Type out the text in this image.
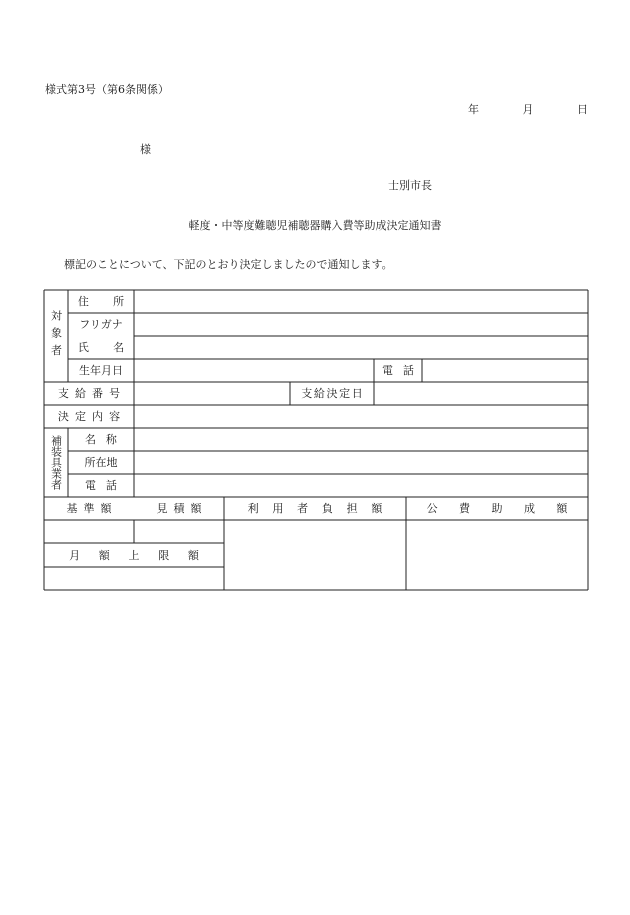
様式第3号（第6条関係）
年	月	日
様
士別市長
軽度・中等度難聴児補聴器購入費等助成決定通知書
標記のことについて、下記のとおり決定しましたので通知します。
対象者
住所
フリガナ
氏名
生年月日	電話
支給番号	支給決定日
決定内容
補装具業者	名称
所在地
電話
基準額	見積額	利用者負担額	公費助成額
月額上限額
